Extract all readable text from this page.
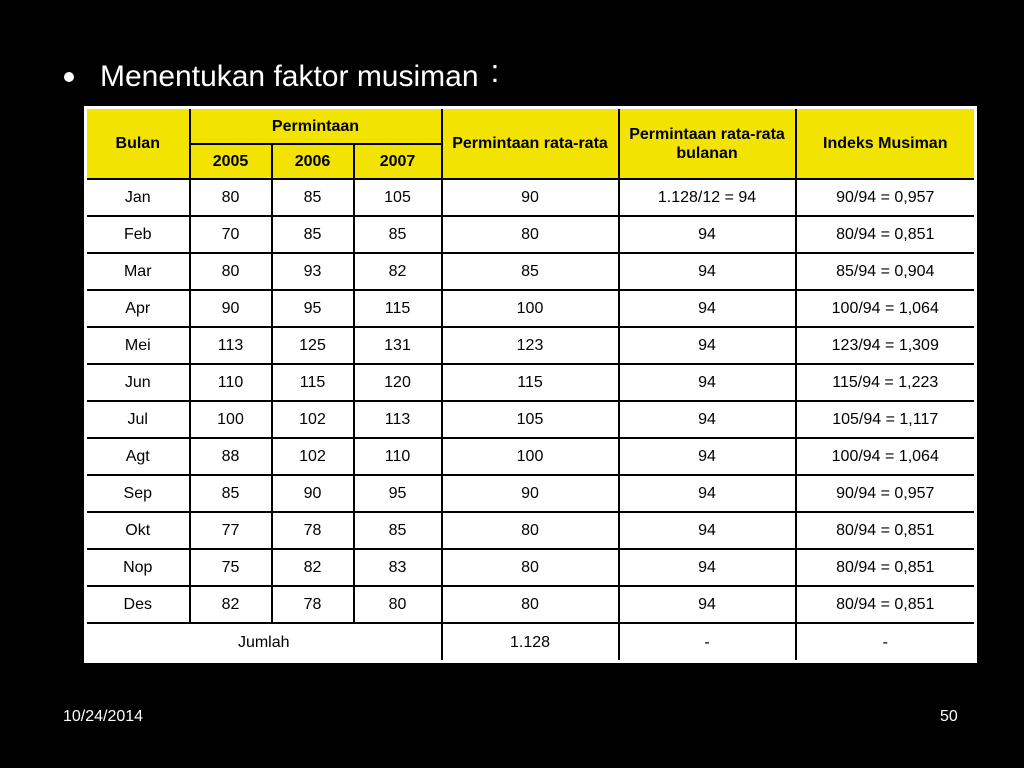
Menentukan faktor musiman :
Bulan	Permintaan			Permintaan rata-rata	Permintaan rata-rata bulanan	Indeks Musiman
	2005	2006	2007			
Jan	80	85	105	90	1.128/12 = 94	90/94 = 0,957
Feb	70	85	85	80	94	80/94 = 0,851
Mar	80	93	82	85	94	85/94 = 0,904
Apr	90	95	115	100	94	100/94 = 1,064
Mei	113	125	131	123	94	123/94 = 1,309
Jun	110	115	120	115	94	115/94 = 1,223
Jul	100	102	113	105	94	105/94 = 1,117
Agt	88	102	110	100	94	100/94 = 1,064
Sep	85	90	95	90	94	90/94 = 0,957
Okt	77	78	85	80	94	80/94 = 0,851
Nop	75	82	83	80	94	80/94 = 0,851
Des	82	78	80	80	94	80/94 = 0,851
Jumlah				1.128	-	-
10/24/2014	50
